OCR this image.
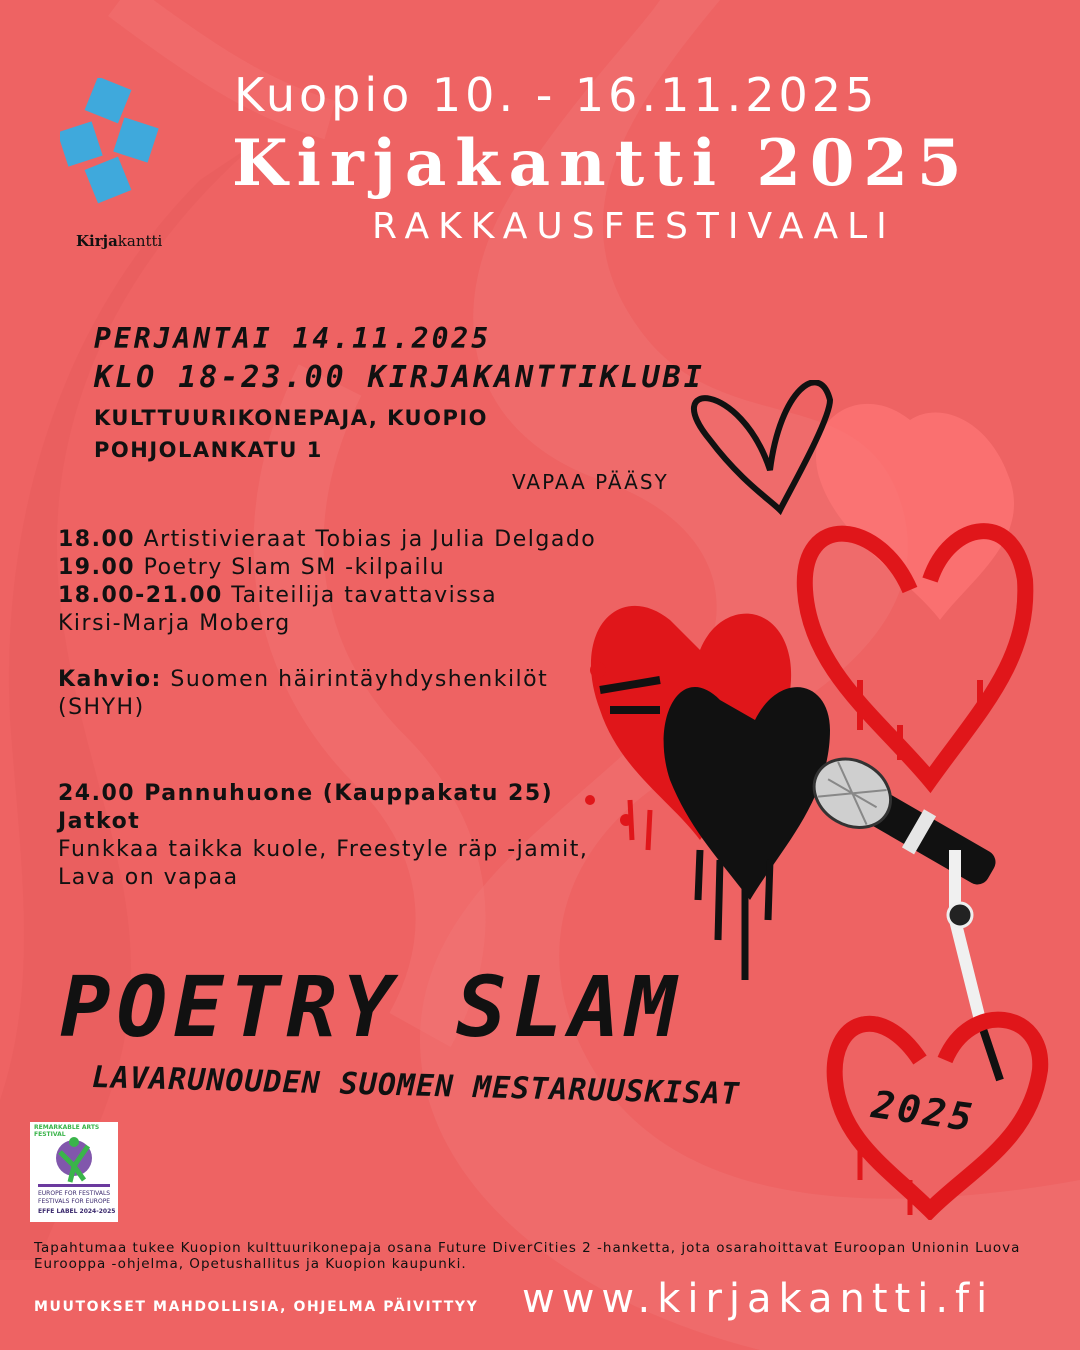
Kirjakantti
Kuopio 10. - 16.11.2025
Kirjakantti 2025
RAKKAUSFESTIVAALI
PERJANTAI 14.11.2025
KLO 18-23.00 KIRJAKANTTIKLUBI
KULTTUURIKONEPAJA, KUOPIO
POHJOLANKATU 1
VAPAA PÄÄSY
18.00 Artistivieraat Tobias ja Julia Delgado
19.00 Poetry Slam SM -kilpailu
18.00-21.00 Taiteilija tavattavissa
Kirsi-Marja Moberg
Kahvio: Suomen häirintäyhdyshenkilöt
(SHYH)
24.00 Pannuhuone (Kauppakatu 25)
Jatkot
Funkkaa taikka kuole, Freestyle räp -jamit,
Lava on vapaa
POETRY SLAM
LAVARUNOUDEN SUOMEN MESTARUUSKISAT	2025
REMARKABLE ARTS FESTIVAL
EUROPE FOR FESTIVALS
FESTIVALS FOR EUROPE
EFFE LABEL 2024-2025
Tapahtumaa tukee Kuopion kulttuurikonepaja osana Future DiverCities 2 -hanketta, jota osarahoittavat Euroopan Unionin Luova Eurooppa -ohjelma, Opetushallitus ja Kuopion kaupunki.
MUUTOKSET MAHDOLLISIA, OHJELMA PÄIVITTYY www.kirjakantti.fi
